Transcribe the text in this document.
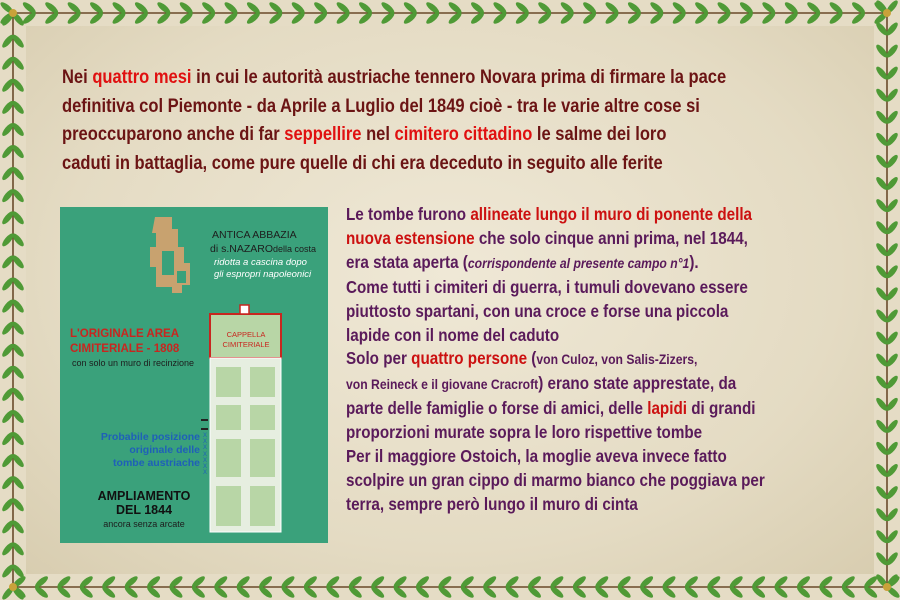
Nei quattro mesi in cui le autorità austriache tennero Novara prima di firmare la pace
definitiva col Piemonte - da Aprile a Luglio del 1849 cioè - tra le varie altre cose si
preoccuparono anche di far seppellire nel cimitero cittadino le salme dei loro
caduti in battaglia, come pure quelle di chi era deceduto in seguito alle ferite

ANTICA ABBAZIA
di s.NAZAROdella costa
ridotta a cascina dopo
gli espropri napoleonici
L'ORIGINALE AREA
CIMITERIALE - 1808
con solo un muro di recinzione
CAPPELLA
CIMITERIALE
Probabile posizione
originale delle
tombe austriache
XXXXXXX
AMPLIAMENTO
DEL 1844
ancora senza arcate

Le tombe furono allineate lungo il muro di ponente della
nuova estensione che solo cinque anni prima, nel 1844,
era stata aperta (corrispondente al presente campo n°1).
Come tutti i cimiteri di guerra, i tumuli dovevano essere
piuttosto spartani, con una croce e forse una piccola
lapide con il nome del caduto
Solo per quattro persone (von Culoz, von Salis-Zizers,
von Reineck e il giovane Cracroft) erano state apprestate, da
parte delle famiglie o forse di amici, delle lapidi di grandi
proporzioni murate sopra le loro rispettive tombe
Per il maggiore Ostoich, la moglie aveva invece fatto
scolpire un gran cippo di marmo bianco che poggiava per
terra, sempre però lungo il muro di cinta
